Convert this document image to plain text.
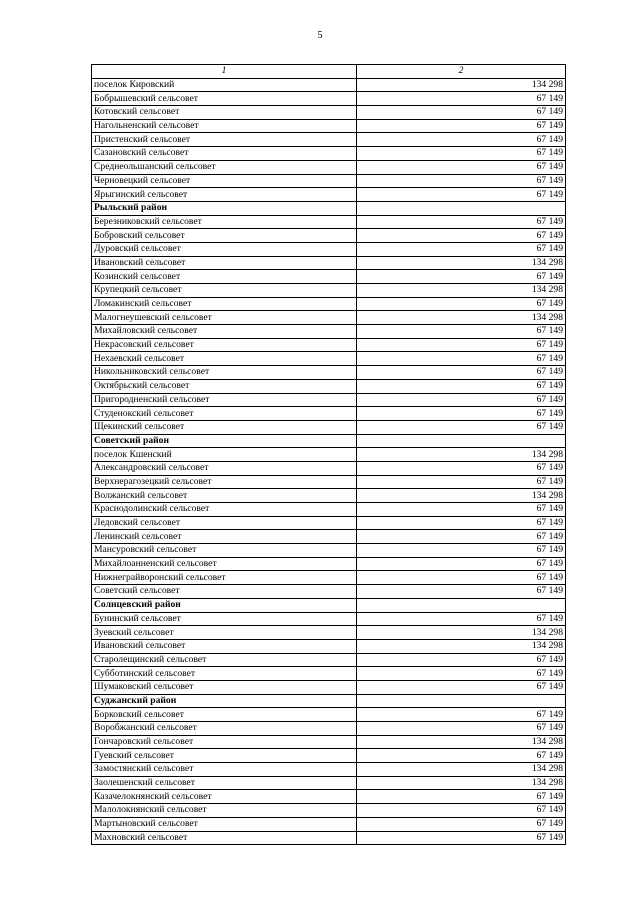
5
1	2
поселок Кировский	134 298
Бобрышевский сельсовет	67 149
Котовский сельсовет	67 149
Нагольненский сельсовет	67 149
Пристенский сельсовет	67 149
Сазановский сельсовет	67 149
Среднеольшанский сельсовет	67 149
Черновецкий сельсовет	67 149
Ярыгинский сельсовет	67 149
Рыльский район	
Березниковский сельсовет	67 149
Бобровский сельсовет	67 149
Дуровский сельсовет	67 149
Ивановский сельсовет	134 298
Козинский сельсовет	67 149
Крупецкий сельсовет	134 298
Ломакинский сельсовет	67 149
Малогнеушевский сельсовет	134 298
Михайловский сельсовет	67 149
Некрасовский сельсовет	67 149
Нехаевский сельсовет	67 149
Никольниковский сельсовет	67 149
Октябрьский сельсовет	67 149
Пригородненский сельсовет	67 149
Студенокский сельсовет	67 149
Щекинский сельсовет	67 149
Советский район	
поселок Кшенский	134 298
Александровский сельсовет	67 149
Верхнерагозецкий сельсовет	67 149
Волжанский сельсовет	134 298
Краснодолинский сельсовет	67 149
Ледовский сельсовет	67 149
Ленинский сельсовет	67 149
Мансуровский сельсовет	67 149
Михайлоанненский сельсовет	67 149
Нижнеграйворонский сельсовет	67 149
Советский сельсовет	67 149
Солнцевский район	
Бунинский сельсовет	67 149
Зуевский сельсовет	134 298
Ивановский сельсовет	134 298
Старолещинский сельсовет	67 149
Субботинский сельсовет	67 149
Шумаковский сельсовет	67 149
Суджанский район	
Борковский сельсовет	67 149
Воробжанский сельсовет	67 149
Гончаровский сельсовет	134 298
Гуевский сельсовет	67 149
Замостянский сельсовет	134 298
Заолешенский сельсовет	134 298
Казачелокнянский сельсовет	67 149
Малолокнянский сельсовет	67 149
Мартыновский сельсовет	67 149
Махновский сельсовет	67 149
